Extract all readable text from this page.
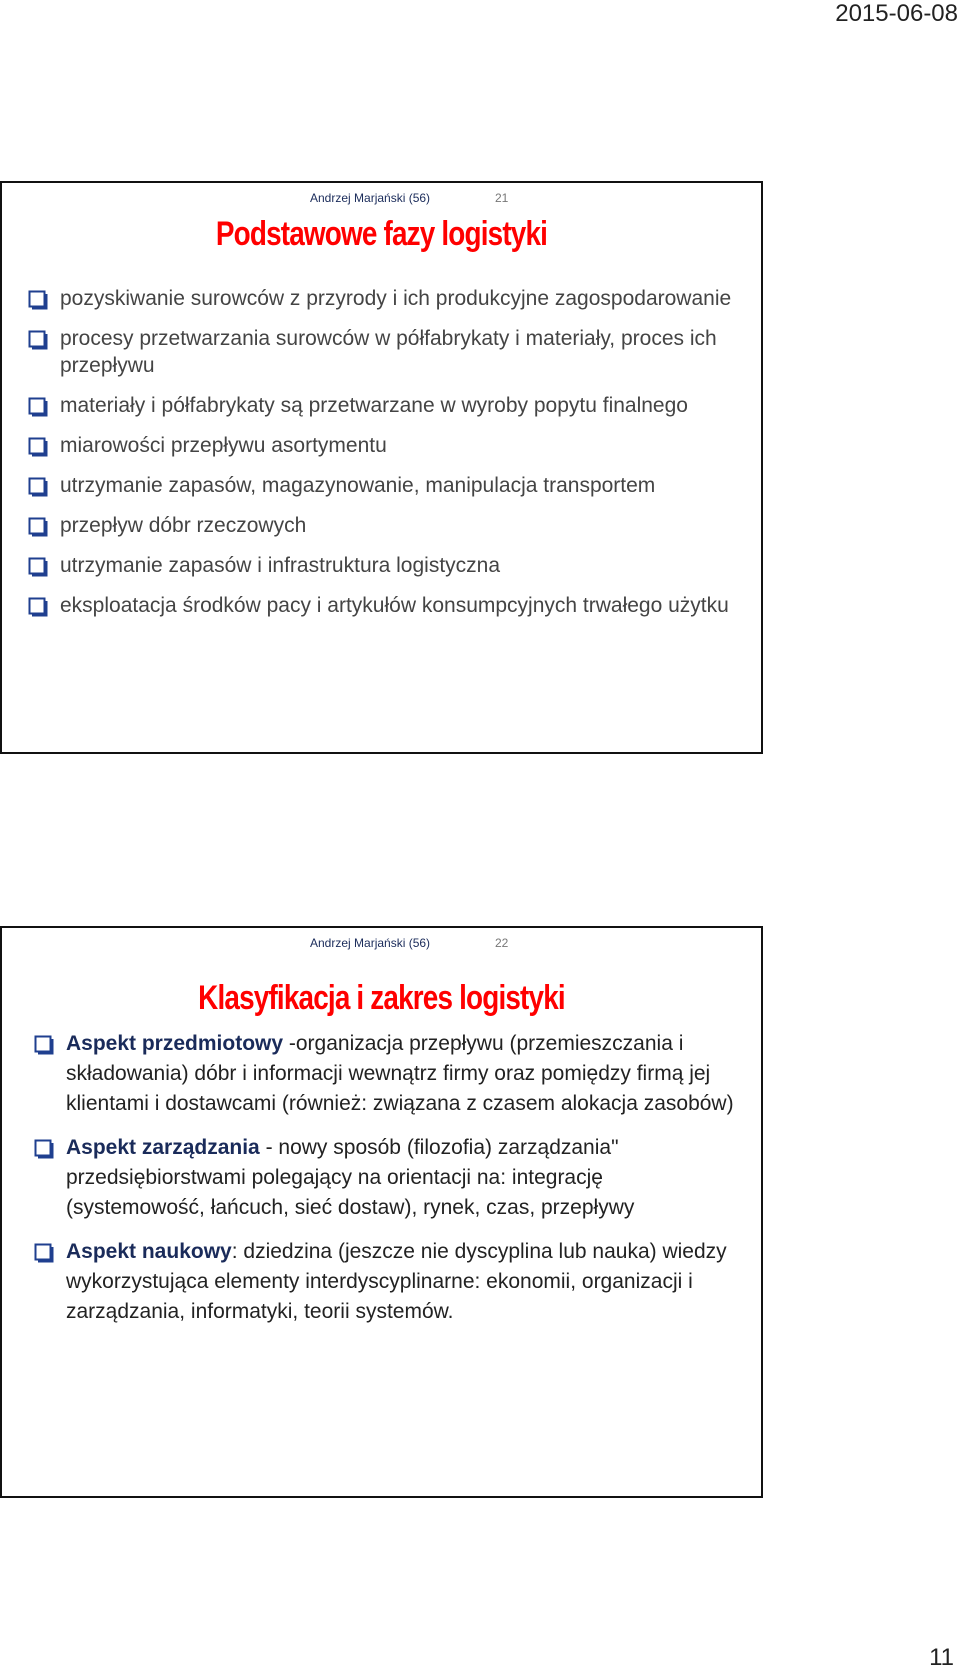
2015-06-08
Andrzej Marjański (56)	21
Podstawowe fazy logistyki
pozyskiwanie surowców z przyrody i ich produkcyjne zagospodarowanie
procesy przetwarzania surowców w półfabrykaty i materiały, proces ich przepływu
materiały i półfabrykaty są przetwarzane w wyroby popytu finalnego
miarowości przepływu asortymentu
utrzymanie zapasów, magazynowanie, manipulacja transportem
przepływ dóbr rzeczowych
utrzymanie zapasów i infrastruktura logistyczna
eksploatacja środków pacy i artykułów konsumpcyjnych trwałego użytku
Andrzej Marjański (56)	22
Klasyfikacja i zakres logistyki
Aspekt przedmiotowy -organizacja przepływu (przemieszczania i składowania) dóbr i informacji wewnątrz firmy oraz pomiędzy firmą jej klientami i dostawcami (również: związana z czasem alokacja zasobów)
Aspekt zarządzania - nowy sposób (filozofia) zarządzania" przedsiębiorstwami polegający na orientacji na: integrację (systemowość, łańcuch, sieć dostaw), rynek, czas, przepływy
Aspekt naukowy: dziedzina (jeszcze nie dyscyplina lub nauka) wiedzy wykorzystująca elementy interdyscyplinarne: ekonomii, organizacji i zarządzania, informatyki, teorii systemów.
11
